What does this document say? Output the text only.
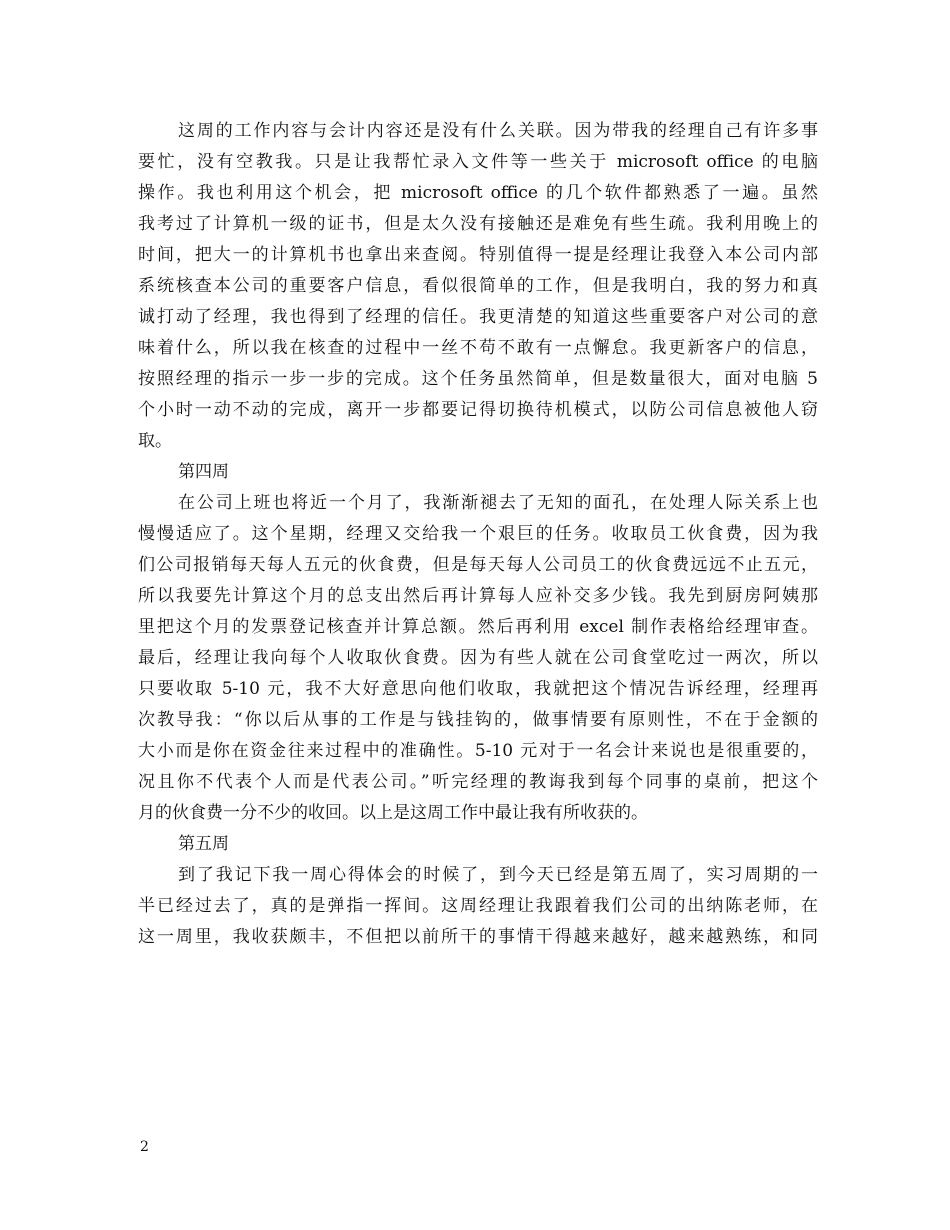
这周的工作内容与会计内容还是没有什么关联。因为带我的经理自己有许多事
要忙，没有空教我。只是让我帮忙录入文件等一些关于 microsoft office 的电脑
操作。我也利用这个机会，把 microsoft office 的几个软件都熟悉了一遍。虽然
我考过了计算机一级的证书，但是太久没有接触还是难免有些生疏。我利用晚上的
时间，把大一的计算机书也拿出来查阅。特别值得一提是经理让我登入本公司内部
系统核查本公司的重要客户信息，看似很简单的工作，但是我明白，我的努力和真
诚打动了经理，我也得到了经理的信任。我更清楚的知道这些重要客户对公司的意
味着什么，所以我在核查的过程中一丝不苟不敢有一点懈怠。我更新客户的信息，
按照经理的指示一步一步的完成。这个任务虽然简单，但是数量很大，面对电脑 5
个小时一动不动的完成，离开一步都要记得切换待机模式，以防公司信息被他人窃
取。
第四周
在公司上班也将近一个月了，我渐渐褪去了无知的面孔，在处理人际关系上也
慢慢适应了。这个星期，经理又交给我一个艰巨的任务。收取员工伙食费，因为我
们公司报销每天每人五元的伙食费，但是每天每人公司员工的伙食费远远不止五元，
所以我要先计算这个月的总支出然后再计算每人应补交多少钱。我先到厨房阿姨那
里把这个月的发票登记核查并计算总额。然后再利用 excel 制作表格给经理审查。
最后，经理让我向每个人收取伙食费。因为有些人就在公司食堂吃过一两次，所以
只要收取 5-10 元，我不大好意思向他们收取，我就把这个情况告诉经理，经理再
次教导我：“你以后从事的工作是与钱挂钩的，做事情要有原则性，不在于金额的
大小而是你在资金往来过程中的准确性。5-10 元对于一名会计来说也是很重要的，
况且你不代表个人而是代表公司。”听完经理的教诲我到每个同事的桌前，把这个
月的伙食费一分不少的收回。以上是这周工作中最让我有所收获的。
第五周
到了我记下我一周心得体会的时候了，到今天已经是第五周了，实习周期的一
半已经过去了，真的是弹指一挥间。这周经理让我跟着我们公司的出纳陈老师，在
这一周里，我收获颇丰，不但把以前所干的事情干得越来越好，越来越熟练，和同
2
